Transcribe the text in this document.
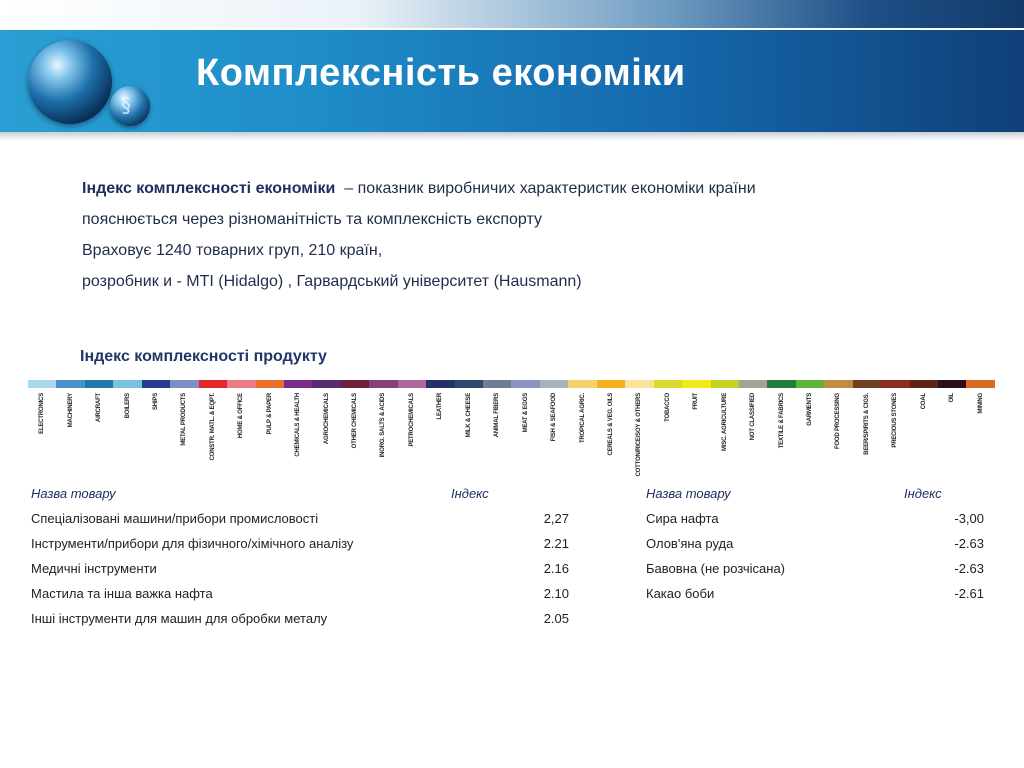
§
Комплексність економіки

Індекс комплексності економіки – показник виробничих характеристик економіки країни

пояснюється через різноманітність та комплексність експорту

Враховує 1240 товарних груп, 210 країн,

розробник и - MTI (Hidalgo) , Гарвардський університет (Hausmann)

Індекс комплексності продукту
ELECTRONICS	MACHINERY	AIRCRAFT	BOILERS	SHIPS	METAL PRODUCTS	CONSTR. MATL. & EQPT.	HOME & OFFICE	PULP & PAPER	CHEMICALS & HEALTH	AGROCHEMICALS	OTHER CHEMICALS	INORG. SALTS & ACIDS	PETROCHEMICALS	LEATHER	MILK & CHEESE	ANIMAL FIBERS	MEAT & EGGS	FISH & SEAFOOD	TROPICAL AGRIC.	CEREALS & VEG. OILS	COTTON/RICE/SOY & OTHERS	TOBACCO	FRUIT	MISC. AGRICULTURE	NOT CLASSIFIED	TEXTILE & FABRICS	GARMENTS	FOOD PROCESSING	BEER/SPIRITS & CIGS.	PRECIOUS STONES	COAL	OIL	MINING
Назва товару	Індекс
Спеціалізовані машини/прибори промисловості	2,27
Інструменти/прибори для фізичного/хімічного аналізу	2.21
Медичні інструменти	2.16
Мастила та інша важка нафта	2.10
Інші інструменти для машин для обробки металу	2.05
Назва товару	Індекс
Сира нафта	-3,00
Олов'яна руда	-2.63
Бавовна (не розчісана)	-2.63
Какао боби	-2.61
